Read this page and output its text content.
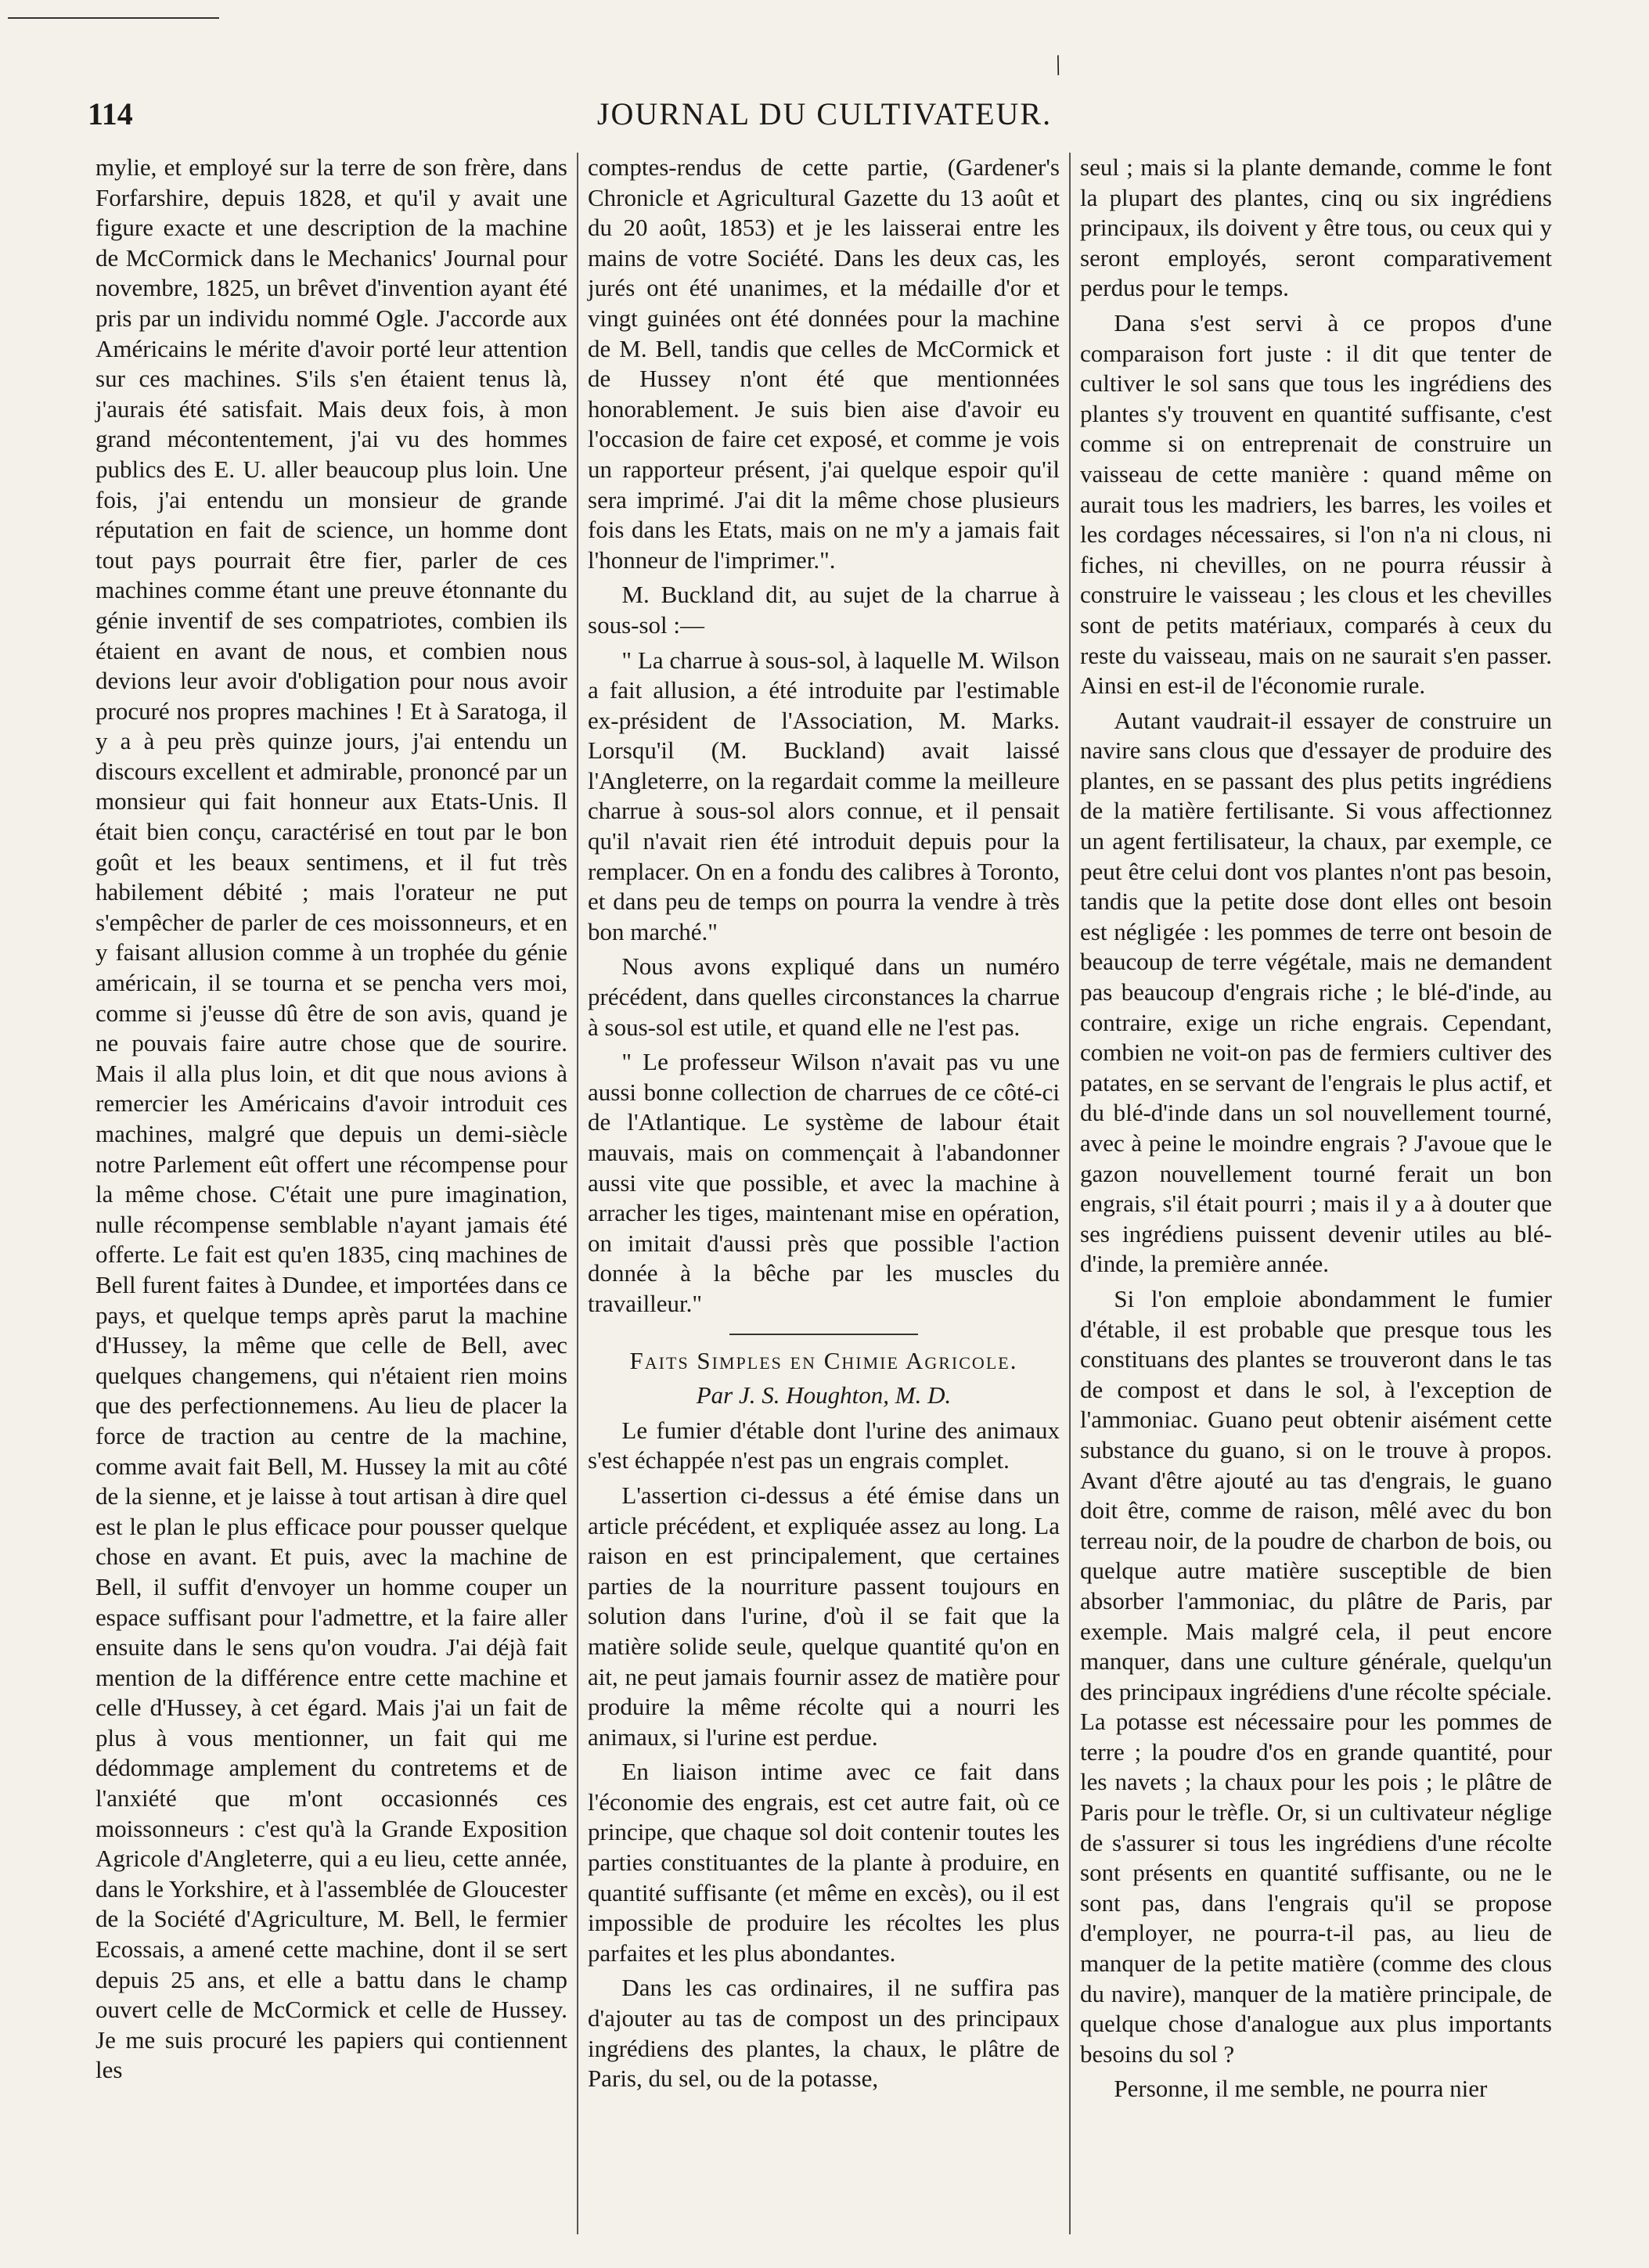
114	JOURNAL DU CULTIVATEUR.
/

mylie, et employé sur la terre de son frère, dans Forfarshire, depuis 1828, et qu'il y avait une figure exacte et une description de la machine de McCormick dans le Mechanics' Journal pour novembre, 1825, un brêvet d'invention ayant été pris par un individu nommé Ogle. J'accorde aux Américains le mérite d'avoir porté leur attention sur ces machines. S'ils s'en étaient tenus là, j'aurais été satisfait. Mais deux fois, à mon grand mécontentement, j'ai vu des hommes publics des E. U. aller beaucoup plus loin. Une fois, j'ai entendu un monsieur de grande réputation en fait de science, un homme dont tout pays pourrait être fier, parler de ces machines comme étant une preuve étonnante du génie inventif de ses compatriotes, combien ils étaient en avant de nous, et combien nous devions leur avoir d'obligation pour nous avoir procuré nos propres machines ! Et à Saratoga, il y a à peu près quinze jours, j'ai entendu un discours excellent et admirable, prononcé par un monsieur qui fait honneur aux Etats-Unis. Il était bien conçu, caractérisé en tout par le bon goût et les beaux sentimens, et il fut très habilement débité ; mais l'orateur ne put s'empêcher de parler de ces moissonneurs, et en y faisant allusion comme à un trophée du génie américain, il se tourna et se pencha vers moi, comme si j'eusse dû être de son avis, quand je ne pouvais faire autre chose que de sourire. Mais il alla plus loin, et dit que nous avions à remercier les Américains d'avoir introduit ces machines, malgré que depuis un demi-siècle notre Parlement eût offert une récompense pour la même chose. C'était une pure imagination, nulle récompense semblable n'ayant jamais été offerte. Le fait est qu'en 1835, cinq machines de Bell furent faites à Dundee, et importées dans ce pays, et quelque temps après parut la machine d'Hussey, la même que celle de Bell, avec quelques changemens, qui n'étaient rien moins que des perfectionnemens. Au lieu de placer la force de traction au centre de la machine, comme avait fait Bell, M. Hussey la mit au côté de la sienne, et je laisse à tout artisan à dire quel est le plan le plus efficace pour pousser quelque chose en avant. Et puis, avec la machine de Bell, il suffit d'envoyer un homme couper un espace suffisant pour l'admettre, et la faire aller ensuite dans le sens qu'on voudra. J'ai déjà fait mention de la différence entre cette machine et celle d'Hussey, à cet égard. Mais j'ai un fait de plus à vous mentionner, un fait qui me dédommage amplement du contretems et de l'anxiété que m'ont occasionnés ces moissonneurs : c'est qu'à la Grande Exposition Agricole d'Angleterre, qui a eu lieu, cette année, dans le Yorkshire, et à l'assemblée de Gloucester de la Société d'Agriculture, M. Bell, le fermier Ecossais, a amené cette machine, dont il se sert depuis 25 ans, et elle a battu dans le champ ouvert celle de McCormick et celle de Hussey. Je me suis procuré les papiers qui contiennent les

comptes-rendus de cette partie, (Gardener's Chronicle et Agricultural Gazette du 13 août et du 20 août, 1853) et je les laisserai entre les mains de votre Société. Dans les deux cas, les jurés ont été unanimes, et la médaille d'or et vingt guinées ont été données pour la machine de M. Bell, tandis que celles de McCormick et de Hussey n'ont été que mentionnées honorablement. Je suis bien aise d'avoir eu l'occasion de faire cet exposé, et comme je vois un rapporteur présent, j'ai quelque espoir qu'il sera imprimé. J'ai dit la même chose plusieurs fois dans les Etats, mais on ne m'y a jamais fait l'honneur de l'imprimer.".

M. Buckland dit, au sujet de la charrue à sous-sol :—

" La charrue à sous-sol, à laquelle M. Wilson a fait allusion, a été introduite par l'estimable ex-président de l'Association, M. Marks. Lorsqu'il (M. Buckland) avait laissé l'Angleterre, on la regardait comme la meilleure charrue à sous-sol alors connue, et il pensait qu'il n'avait rien été introduit depuis pour la remplacer. On en a fondu des calibres à Toronto, et dans peu de temps on pourra la vendre à très bon marché."

Nous avons expliqué dans un numéro précédent, dans quelles circonstances la charrue à sous-sol est utile, et quand elle ne l'est pas.

" Le professeur Wilson n'avait pas vu une aussi bonne collection de charrues de ce côté-ci de l'Atlantique. Le système de labour était mauvais, mais on commençait à l'abandonner aussi vite que possible, et avec la machine à arracher les tiges, maintenant mise en opération, on imitait d'aussi près que possible l'action donnée à la bêche par les muscles du travailleur."

Faits Simples en Chimie Agricole.

Par J. S. Houghton, M. D.

Le fumier d'étable dont l'urine des animaux s'est échappée n'est pas un engrais complet.

L'assertion ci-dessus a été émise dans un article précédent, et expliquée assez au long. La raison en est principalement, que certaines parties de la nourriture passent toujours en solution dans l'urine, d'où il se fait que la matière solide seule, quelque quantité qu'on en ait, ne peut jamais fournir assez de matière pour produire la même récolte qui a nourri les animaux, si l'urine est perdue.

En liaison intime avec ce fait dans l'économie des engrais, est cet autre fait, où ce principe, que chaque sol doit contenir toutes les parties constituantes de la plante à produire, en quantité suffisante (et même en excès), ou il est impossible de produire les récoltes les plus parfaites et les plus abondantes.

Dans les cas ordinaires, il ne suffira pas d'ajouter au tas de compost un des principaux ingrédiens des plantes, la chaux, le plâtre de Paris, du sel, ou de la potasse,

seul ; mais si la plante demande, comme le font la plupart des plantes, cinq ou six ingrédiens principaux, ils doivent y être tous, ou ceux qui y seront employés, seront comparativement perdus pour le temps.

Dana s'est servi à ce propos d'une comparaison fort juste : il dit que tenter de cultiver le sol sans que tous les ingrédiens des plantes s'y trouvent en quantité suffisante, c'est comme si on entreprenait de construire un vaisseau de cette manière : quand même on aurait tous les madriers, les barres, les voiles et les cordages nécessaires, si l'on n'a ni clous, ni fiches, ni chevilles, on ne pourra réussir à construire le vaisseau ; les clous et les chevilles sont de petits matériaux, comparés à ceux du reste du vaisseau, mais on ne saurait s'en passer. Ainsi en est-il de l'économie rurale.

Autant vaudrait-il essayer de construire un navire sans clous que d'essayer de produire des plantes, en se passant des plus petits ingrédiens de la matière fertilisante. Si vous affectionnez un agent fertilisateur, la chaux, par exemple, ce peut être celui dont vos plantes n'ont pas besoin, tandis que la petite dose dont elles ont besoin est négligée : les pommes de terre ont besoin de beaucoup de terre végétale, mais ne demandent pas beaucoup d'engrais riche ; le blé-d'inde, au contraire, exige un riche engrais. Cependant, combien ne voit-on pas de fermiers cultiver des patates, en se servant de l'engrais le plus actif, et du blé-d'inde dans un sol nouvellement tourné, avec à peine le moindre engrais ? J'avoue que le gazon nouvellement tourné ferait un bon engrais, s'il était pourri ; mais il y a à douter que ses ingrédiens puissent devenir utiles au blé-d'inde, la première année.

Si l'on emploie abondamment le fumier d'étable, il est probable que presque tous les constituans des plantes se trouveront dans le tas de compost et dans le sol, à l'exception de l'ammoniac. Guano peut obtenir aisément cette substance du guano, si on le trouve à propos. Avant d'être ajouté au tas d'engrais, le guano doit être, comme de raison, mêlé avec du bon terreau noir, de la poudre de charbon de bois, ou quelque autre matière susceptible de bien absorber l'ammoniac, du plâtre de Paris, par exemple. Mais malgré cela, il peut encore manquer, dans une culture générale, quelqu'un des principaux ingrédiens d'une récolte spéciale. La potasse est nécessaire pour les pommes de terre ; la poudre d'os en grande quantité, pour les navets ; la chaux pour les pois ; le plâtre de Paris pour le trèfle. Or, si un cultivateur néglige de s'assurer si tous les ingrédiens d'une récolte sont présents en quantité suffisante, ou ne le sont pas, dans l'engrais qu'il se propose d'employer, ne pourra-t-il pas, au lieu de manquer de la petite matière (comme des clous du navire), manquer de la matière principale, de quelque chose d'analogue aux plus importants besoins du sol ?

Personne, il me semble, ne pourra nier
